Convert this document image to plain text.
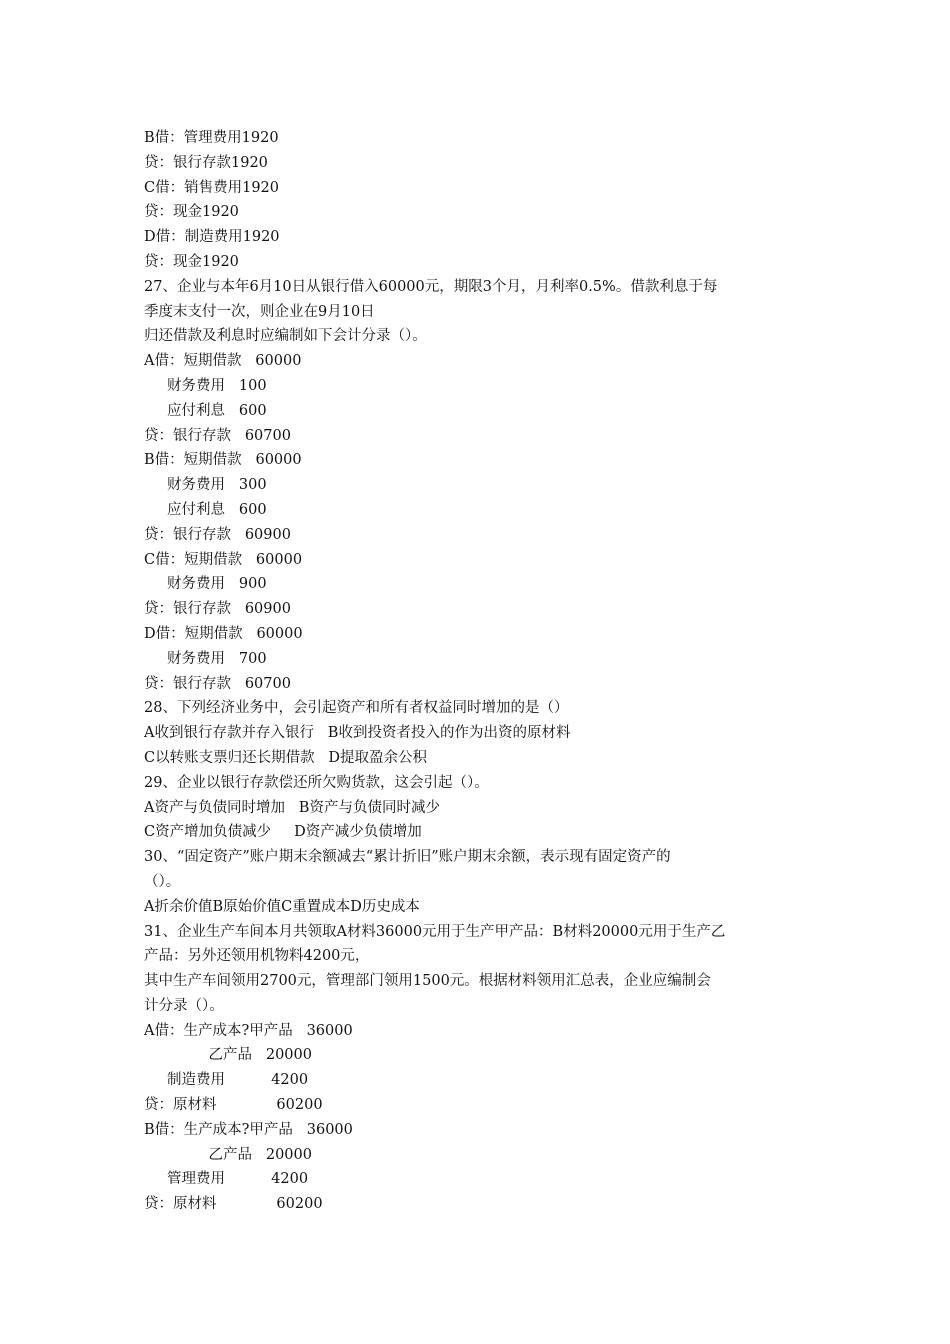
B借：管理费用1920
贷：银行存款1920
C借：销售费用1920
贷：现金1920
D借：制造费用1920
贷：现金1920
27、企业与本年6月10日从银行借入60000元，期限3个月，月利率0.5%。借款利息于每
季度末支付一次，则企业在9月10日
归还借款及利息时应编制如下会计分录（）。
A借：短期借款   60000
财务费用   100
应付利息   600
贷：银行存款   60700
B借：短期借款   60000
财务费用   300
应付利息   600
贷：银行存款   60900
C借：短期借款   60000
财务费用   900
贷：银行存款   60900
D借：短期借款   60000
财务费用   700
贷：银行存款   60700
28、下列经济业务中，会引起资产和所有者权益同时增加的是（）
A收到银行存款并存入银行   B收到投资者投入的作为出资的原材料
C以转账支票归还长期借款   D提取盈余公积
29、企业以银行存款偿还所欠购货款，这会引起（）。
A资产与负债同时增加   B资产与负债同时减少
C资产增加负债减少     D资产减少负债增加
30、“固定资产”账户期末余额减去“累计折旧”账户期末余额，表示现有固定资产的
（）。
A折余价值B原始价值C重置成本D历史成本
31、企业生产车间本月共领取A材料36000元用于生产甲产品：B材料20000元用于生产乙
产品：另外还领用机物料4200元，
其中生产车间领用2700元，管理部门领用1500元。根据材料领用汇总表，企业应编制会
计分录（）。
A借：生产成本?甲产品   36000
乙产品   20000
制造费用          4200
贷：原材料             60200
B借：生产成本?甲产品   36000
乙产品   20000
管理费用          4200
贷：原材料             60200
